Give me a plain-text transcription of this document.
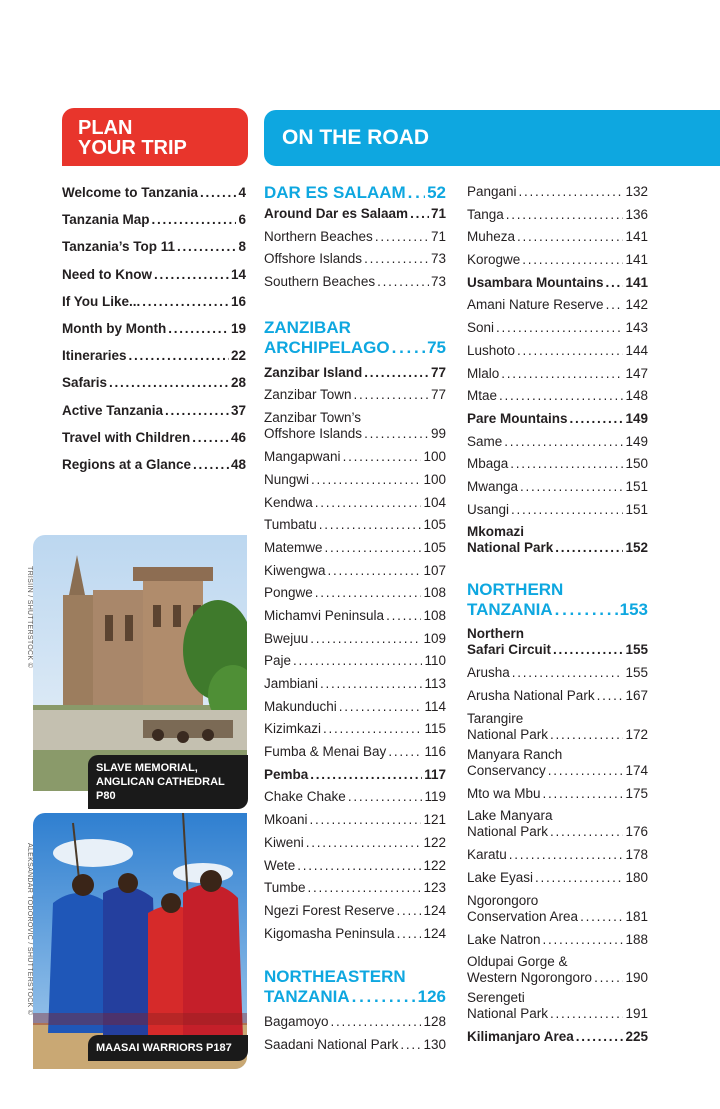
PLAN
YOUR TRIP	ON THE ROAD
Welcome to Tanzania . . .	4
Tanzania Map . . .	6
Tanzania’s Top 11 . . .	8
Need to Know . . .	14
If You Like... . . .	16
Month by Month . . .	19
Itineraries . . .	22
Safaris . . .	28
Active Tanzania . . .	37
Travel with Children . . .	46
Regions at a Glance . . .	48
TRISIIN / SHUTTERSTOCK ©
SLAVE MEMORIAL,
ANGLICAN CATHEDRAL P80
ALEKSANDAR TODOROVIC / SHUTTERSTOCK ©
MAASAI WARRIORS P187
DAR ES SALAAM . . . 52
Around Dar es Salaam . . . 71
Northern Beaches . . .	71
Offshore Islands . . .	73
Southern Beaches . . .	73
ZANZIBAR
ARCHIPELAGO . . . 75
Zanzibar Island . . .	77
Zanzibar Town . . .	77
Zanzibar Town’s
Offshore Islands . . .	99
Mangapwani . . .	100
Nungwi . . .	100
Kendwa . . .	104
Tumbatu . . .	105
Matemwe . . .	105
Kiwengwa . . .	107
Pongwe . . .	108
Michamvi Peninsula . . .	108
Bwejuu . . .	109
Paje . . .	110
Jambiani . . .	113
Makunduchi . . .	114
Kizimkazi . . .	115
Fumba & Menai Bay . . .	116
Pemba . . .	117
Chake Chake . . .	119
Mkoani . . .	121
Kiweni . . .	122
Wete . . .	122
Tumbe . . .	123
Ngezi Forest Reserve . . . 124
Kigomasha Peninsula . . . 124
NORTHEASTERN
TANZANIA . . .	126
Bagamoyo . . .	128
Saadani National Park . . . 130
Pangani . . .	132
Tanga . . .	136
Muheza . . .	141
Korogwe . . .	141
Usambara Mountains . . . 141
Amani Nature Reserve . . . 142
Soni . . .	143
Lushoto . . .	144
Mlalo . . .	147
Mtae . . .	148
Pare Mountains . . .	149
Same . . .	149
Mbaga . . .	150
Mwanga . . .	151
Usangi . . .	151
Mkomazi
National Park . . .	152
NORTHERN
TANZANIA . . .	153
Northern
Safari Circuit . . .	155
Arusha . . .	155
Arusha National Park . . . 167
Tarangire
National Park . . .	172
Manyara Ranch
Conservancy . . .	174
Mto wa Mbu . . .	175
Lake Manyara
National Park . . .	176
Karatu . . .	178
Lake Eyasi . . .	180
Ngorongoro
Conservation Area . . .	181
Lake Natron . . .	188
Oldupai Gorge &
Western Ngorongoro . . . 190
Serengeti
National Park . . .	191
Kilimanjaro Area . . .	225
